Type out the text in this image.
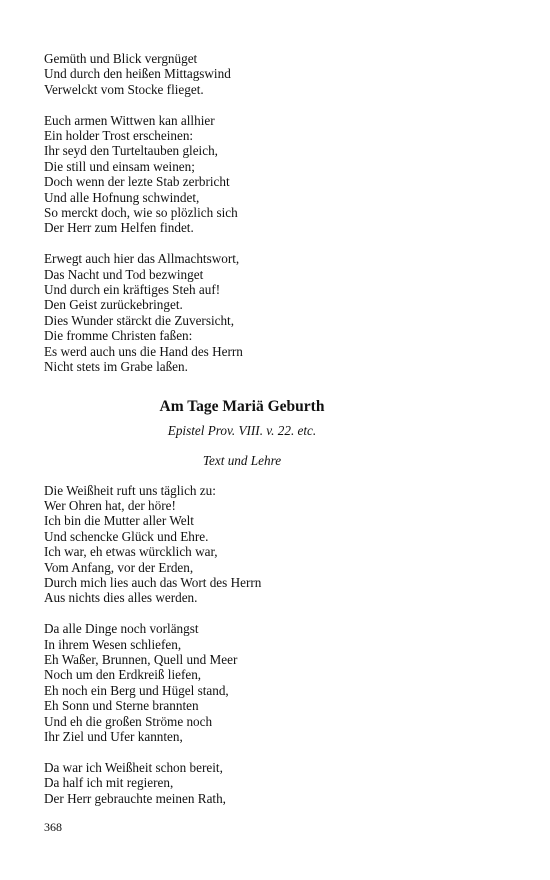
Gemüth und Blick vergnüget
Und durch den heißen Mittagswind
Verwelckt vom Stocke flieget.
Euch armen Wittwen kan allhier
Ein holder Trost erscheinen:
Ihr seyd den Turteltauben gleich,
Die still und einsam weinen;
Doch wenn der lezte Stab zerbricht
Und alle Hofnung schwindet,
So merckt doch, wie so plözlich sich
Der Herr zum Helfen findet.
Erwegt auch hier das Allmachtswort,
Das Nacht und Tod bezwinget
Und durch ein kräftiges Steh auf!
Den Geist zurückebringet.
Dies Wunder stärckt die Zuversicht,
Die fromme Christen faßen:
Es werd auch uns die Hand des Herrn
Nicht stets im Grabe laßen.
Am Tage Mariä Geburth
Epistel Prov. VIII. v. 22. etc.
Text und Lehre
Die Weißheit ruft uns täglich zu:
Wer Ohren hat, der höre!
Ich bin die Mutter aller Welt
Und schencke Glück und Ehre.
Ich war, eh etwas würcklich war,
Vom Anfang, vor der Erden,
Durch mich lies auch das Wort des Herrn
Aus nichts dies alles werden.
Da alle Dinge noch vorlängst
In ihrem Wesen schliefen,
Eh Waßer, Brunnen, Quell und Meer
Noch um den Erdkreiß liefen,
Eh noch ein Berg und Hügel stand,
Eh Sonn und Sterne brannten
Und eh die großen Ströme noch
Ihr Ziel und Ufer kannten,
Da war ich Weißheit schon bereit,
Da half ich mit regieren,
Der Herr gebrauchte meinen Rath,
368
